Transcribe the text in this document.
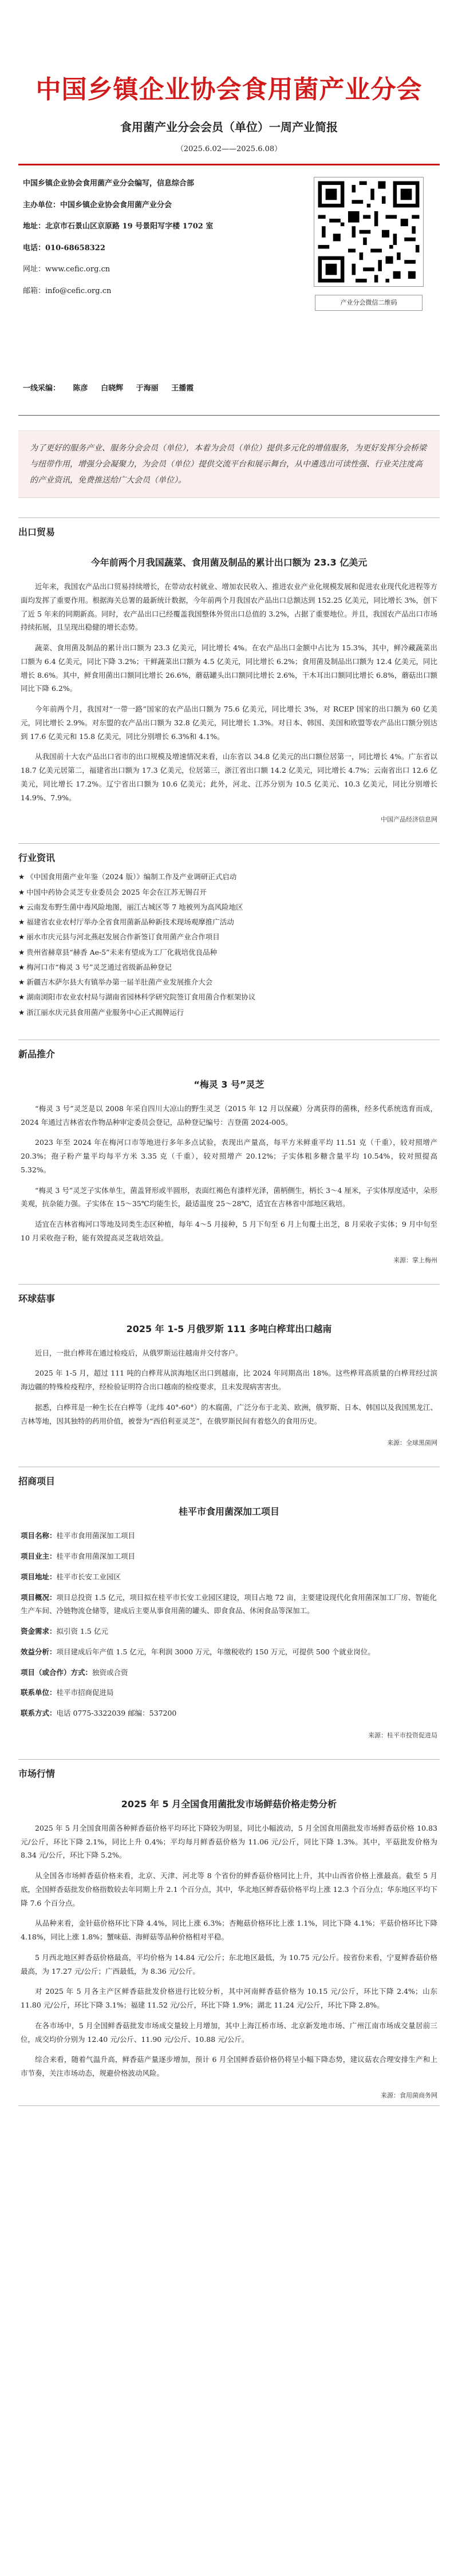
中国乡镇企业协会食用菌产业分会
食用菌产业分会会员（单位）一周产业简报
（2025.6.02——2025.6.08）
中国乡镇企业协会食用菌产业分会编写，信息综合部
主办单位：中国乡镇企业协会食用菌产业分会
地址：北京市石景山区京原路 19 号景阳写字楼 1702 室
电话：010-68658322
网址：www.cefic.org.cn
邮箱：info@cefic.org.cn
产业分会微信二维码
一线采编： 陈彦 白晓辉 于海丽 王播霞
为了更好的服务产业、服务分会会员（单位），本着为会员（单位）提供多元化的增值服务，为更好发挥分会桥梁与纽带作用，增强分会凝聚力，为会员（单位）提供交流平台和展示舞台，从中遴选出可读性强、行业关注度高的产业资讯，免费推送给广大会员（单位）。
出口贸易
今年前两个月我国蔬菜、食用菌及制品的累计出口额为 23.3 亿美元

近年来，我国农产品出口贸易持续增长，在带动农村就业、增加农民收入、推进农业产业化规模发展和促进农业现代化进程等方面均发挥了重要作用。根据海关总署的最新统计数据，今年前两个月我国农产品出口总额达到 152.25 亿美元，同比增长 3%，创下了近 5 年来的同期新高。同时，农产品出口已经覆盖我国整体外贸出口总值的 3.2%，占据了重要地位。并且，我国农产品出口市场持续拓展，且呈现出稳健的增长态势。

蔬菜、食用菌及制品的累计出口额为 23.3 亿美元，同比增长 4%。在农产品出口金额中占比为 15.3%，其中，鲜冷藏蔬菜出口额为 6.4 亿美元，同比下降 3.2%；干鲜蔬菜出口额为 4.5 亿美元，同比增长 6.2%；食用菌及制品出口额为 12.4 亿美元，同比增长 8.6%。其中，鲜食用菌出口额同比增长 26.6%，蘑菇罐头出口额同比增长 2.6%，干木耳出口额同比增长 6.8%，蘑菇出口额同比下降 6.2%。

今年前两个月，我国对“一带一路”国家的农产品出口额为 75.6 亿美元，同比增长 3%，对 RCEP 国家的出口额为 60 亿美元，同比增长 2.9%。对东盟的农产品出口额为 32.8 亿美元，同比增长 1.3%。对日本、韩国、美国和欧盟等农产品出口额分别达到 17.6 亿美元和 15.8 亿美元，同比分别增长 6.3%和 4.1%。

从我国前十大农产品出口省市的出口规模及增速情况来看，山东省以 34.8 亿美元的出口额位居第一，同比增长 4%。广东省以 18.7 亿美元居第二，福建省出口额为 17.3 亿美元，位居第三，浙江省出口额 14.2 亿美元，同比增长 4.7%；云南省出口 12.6 亿美元，同比增长 17.2%。辽宁省出口额为 10.6 亿美元；此外，河北、江苏分别为 10.5 亿美元、10.3 亿美元，同比分别增长 14.9%、7.9%。

中国产品经济信息网
行业资讯
★ 《中国食用菌产业年鉴（2024 版）》编制工作及产业调研正式启动
★ 中国中药协会灵芝专业委员会 2025 年会在江苏无锡召开
★ 云南发布野生菌中毒风险地图，丽江古城区等 7 地被列为高风险地区
★ 福建省农业农村厅举办全省食用菌新品种新技术现场观摩推广活动
★ 丽水市庆元县与河北燕赵发展合作新签订食用菌产业合作项目
★ 贵州省赫章县“赫香 Ae-5”未来有望成为工厂化栽培优良品种
★ 梅河口市“梅灵 3 号”灵芝通过省级新品种登记
★ 新疆吉木萨尔县大有镇举办第一届羊肚菌产业发展推介大会
★ 湖南浏阳市农业农村局与湖南省园林科学研究院签订食用菌合作框架协议
★ 浙江丽水庆元县食用菌产业服务中心正式揭牌运行
新品推介
“梅灵 3 号”灵芝

“梅灵 3 号”灵芝是以 2008 年采自四川大凉山的野生灵芝（2015 年 12 月以保藏）分离获得的菌株，经多代系统选育而成，2024 年通过吉林省农作物品种审定委员会登记，品种登记编号：吉登菌 2024-005。

2023 年至 2024 年在梅河口市等地进行多年多点试验，表现出产量高，每平方米鲜重平均 11.51 克（千重），较对照增产 20.3%；孢子粉产量平均每平方米 3.35 克（千重），较对照增产 20.12%；子实体粗多糖含量平均 10.54%，较对照提高 5.32%。

“梅灵 3 号”灵芝子实体单生，菌盖肾形或半圆形，表面红褐色有漆样光泽，菌柄侧生，柄长 3～4 厘米，子实体厚度适中，朵形美观，抗杂能力强。子实体在 15～35℃均能生长，最适温度 25～28℃，适宜在吉林省中部地区栽培。

适宜在吉林省梅河口等地及同类生态区种植，每年 4～5 月接种，5 月下旬至 6 月上旬覆土出芝，8 月采收子实体；9 月中旬至 10 月采收孢子粉，能有效提高灵芝栽培效益。

来源：掌上梅州
环球菇事
2025 年 1-5 月俄罗斯 111 多吨白桦茸出口越南

近日，一批白桦茸在通过检疫后，从俄罗斯运往越南并交付客户。

2025 年 1-5 月，超过 111 吨的白桦茸从滨海地区出口到越南，比 2024 年同期高出 18%。这些桦茸高质量的白桦茸经过滨海边疆的特殊检疫程序，经检验证明符合出口越南的检疫要求，且未发现病害害虫。

据悉，白桦茸是一种生长在白桦等（北纬 40°-60°）的木腐菌，广泛分布于北美、欧洲，俄罗斯、日本、韩国以及我国黑龙江、吉林等地，因其独特的药用价值，被誉为“西伯利亚灵芝”，在俄罗斯民间有着悠久的食用历史。

来源：全球黑菌网
招商项目
桂平市食用菌深加工项目
项目名称：桂平市食用菌深加工项目
项目业主：桂平市食用菌深加工项目
项目地址：桂平市长安工业园区
项目概况：项目总投资 1.5 亿元，项目拟在桂平市长安工业园区建设，项目占地 72 亩，主要建设现代化食用菌深加工厂房、智能化生产车间、冷链物流仓储等，建成后主要从事食用菌的罐头、即食食品、休闲食品等深加工。
资金需求：拟引资 1.5 亿元
效益分析：项目建成后年产值 1.5 亿元，年利润 3000 万元，年缴税收约 150 万元，可提供 500 个就业岗位。
项目（或合作）方式：独资或合资
联系单位：桂平市招商促进局
联系方式：电话 0775-3322039 邮编：537200
来源：桂平市投资促进局
市场行情
2025 年 5 月全国食用菌批发市场鲜菇价格走势分析

2025 年 5 月全国食用菌各种鲜香菇价格平均环比下降较为明显，同比小幅波动，5 月全国食用菌批发市场鲜香菇价格 10.83 元/公斤，环比下降 2.1%，同比上升 0.4%；平均每月鲜香菇价格为 11.06 元/公斤，同比下降 1.3%。其中，平菇批发价格为 8.34 元/公斤，环比下降 5.2%。

从全国各市场鲜香菇价格来看，北京、天津、河北等 8 个省份的鲜香菇价格同比上升，其中山西省价格上涨最高。截至 5 月底，全国鲜香菇批发价格指数较去年同期上升 2.1 个百分点，其中，华北地区鲜香菇价格平均上涨 12.3 个百分点；华东地区平均下降 7.6 个百分点。

从品种来看，金针菇价格环比下降 4.4%，同比上涨 6.3%；杏鲍菇价格环比上涨 1.1%，同比下降 4.1%；平菇价格环比下降 4.18%，同比上涨 1.8%；蟹味菇、海鲜菇等品种价格相对平稳。

5 月西北地区鲜香菇价格最高，平均价格为 14.84 元/公斤；东北地区最低，为 10.75 元/公斤。按省份来看，宁夏鲜香菇价格最高，为 17.27 元/公斤；广西最低，为 8.36 元/公斤。

对 2025 年 5 月各主产区鲜香菇批发价格进行比较分析，其中河南鲜香菇价格为 10.15 元/公斤，环比下降 2.4%；山东 11.80 元/公斤，环比下降 3.1%；福建 11.52 元/公斤，环比下降 1.9%；湖北 11.24 元/公斤，环比下降 2.8%。

在各市场中，5 月全国鲜香菇批发市场成交量较上月增加，其中上海江桥市场、北京新发地市场、广州江南市场成交量居前三位，成交均价分别为 12.40 元/公斤、11.90 元/公斤、10.88 元/公斤。

综合来看，随着气温升高，鲜香菇产量逐步增加，预计 6 月全国鲜香菇价格仍将呈小幅下降态势，建议菇农合理安排生产和上市节奏，关注市场动态，规避价格波动风险。

来源：食用菌商务网
